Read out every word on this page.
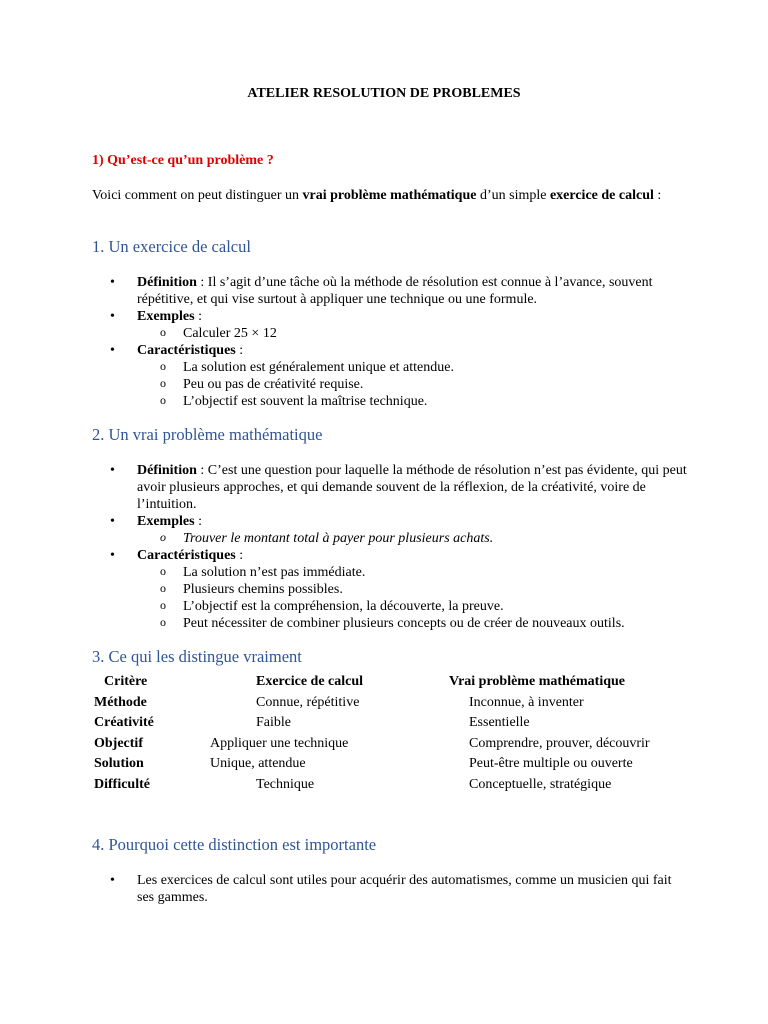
ATELIER RESOLUTION DE PROBLEMES

1) Qu’est-ce qu’un problème ?

Voici comment on peut distinguer un vrai problème mathématique d’un simple exercice de calcul :

1. Un exercice de calcul
• Définition : Il s’agit d’une tâche où la méthode de résolution est connue à l’avance, souvent répétitive, et qui vise surtout à appliquer une technique ou une formule.
• Exemples :
o Calculer 25 × 12
• Caractéristiques :
o La solution est généralement unique et attendue.
o Peu ou pas de créativité requise.
o L’objectif est souvent la maîtrise technique.
2. Un vrai problème mathématique
• Définition : C’est une question pour laquelle la méthode de résolution n’est pas évidente, qui peut avoir plusieurs approches, et qui demande souvent de la réflexion, de la créativité, voire de l’intuition.
• Exemples :
o Trouver le montant total à payer pour plusieurs achats.
• Caractéristiques :
o La solution n’est pas immédiate.
o Plusieurs chemins possibles.
o L’objectif est la compréhension, la découverte, la preuve.
o Peut nécessiter de combiner plusieurs concepts ou de créer de nouveaux outils.
3. Ce qui les distingue vraiment
Critère	Exercice de calcul	Vrai problème mathématique
Méthode	Connue, répétitive	Inconnue, à inventer
Créativité	Faible	Essentielle
Objectif	Appliquer une technique	Comprendre, prouver, découvrir
Solution	Unique, attendue	Peut-être multiple ou ouverte
Difficulté	Technique	Conceptuelle, stratégique
4. Pourquoi cette distinction est importante
• Les exercices de calcul sont utiles pour acquérir des automatismes, comme un musicien qui fait ses gammes.
